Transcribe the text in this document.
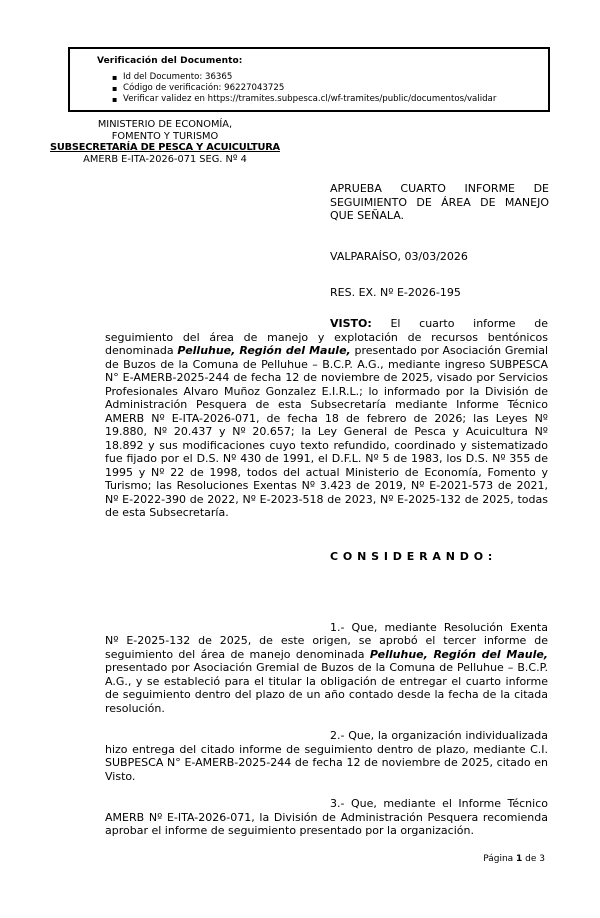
Verificación del Documento:
▪ Id del Documento: 36365
▪ Código de verificación: 96227043725
▪ Verificar validez en https://tramites.subpesca.cl/wf-tramites/public/documentos/validar
MINISTERIO DE ECONOMÍA,
FOMENTO Y TURISMO
SUBSECRETARÍA DE PESCA Y ACUICULTURA
AMERB E-ITA-2026-071 SEG. Nº 4

APRUEBA CUARTO INFORME DE SEGUIMIENTO DE ÁREA DE MANEJO QUE SEÑALA.

VALPARAÍSO, 03/03/2026

RES. EX. Nº E-2026-195

VISTO: El cuarto informe de seguimiento del área de manejo y explotación de recursos bentónicos denominada Pelluhue, Región del Maule, presentado por Asociación Gremial de Buzos de la Comuna de Pelluhue – B.C.P. A.G., mediante ingreso SUBPESCA N° E-AMERB-2025-244 de fecha 12 de noviembre de 2025, visado por Servicios Profesionales Alvaro Muñoz Gonzalez E.I.R.L.; lo informado por la División de Administración Pesquera de esta Subsecretaría mediante Informe Técnico AMERB Nº E-ITA-2026-071, de fecha 18 de febrero de 2026; las Leyes Nº 19.880, Nº 20.437 y Nº 20.657; la Ley General de Pesca y Acuicultura Nº 18.892 y sus modificaciones cuyo texto refundido, coordinado y sistematizado fue fijado por el D.S. Nº 430 de 1991, el D.F.L. Nº 5 de 1983, los D.S. Nº 355 de 1995 y Nº 22 de 1998, todos del actual Ministerio de Economía, Fomento y Turismo; las Resoluciones Exentas Nº 3.423 de 2019, Nº E-2021-573 de 2021, Nº E-2022-390 de 2022, Nº E-2023-518 de 2023, Nº E-2025-132 de 2025, todas de esta Subsecretaría.

C O N S I D E R A N D O :

1.- Que, mediante Resolución Exenta Nº E-2025-132 de 2025, de este origen, se aprobó el tercer informe de seguimiento del área de manejo denominada Pelluhue, Región del Maule, presentado por Asociación Gremial de Buzos de la Comuna de Pelluhue – B.C.P. A.G., y se estableció para el titular la obligación de entregar el cuarto informe de seguimiento dentro del plazo de un año contado desde la fecha de la citada resolución.

2.- Que, la organización individualizada hizo entrega del citado informe de seguimiento dentro de plazo, mediante C.I. SUBPESCA N° E-AMERB-2025-244 de fecha 12 de noviembre de 2025, citado en Visto.

3.- Que, mediante el Informe Técnico AMERB Nº E-ITA-2026-071, la División de Administración Pesquera recomienda aprobar el informe de seguimiento presentado por la organización.

Página 1 de 3
